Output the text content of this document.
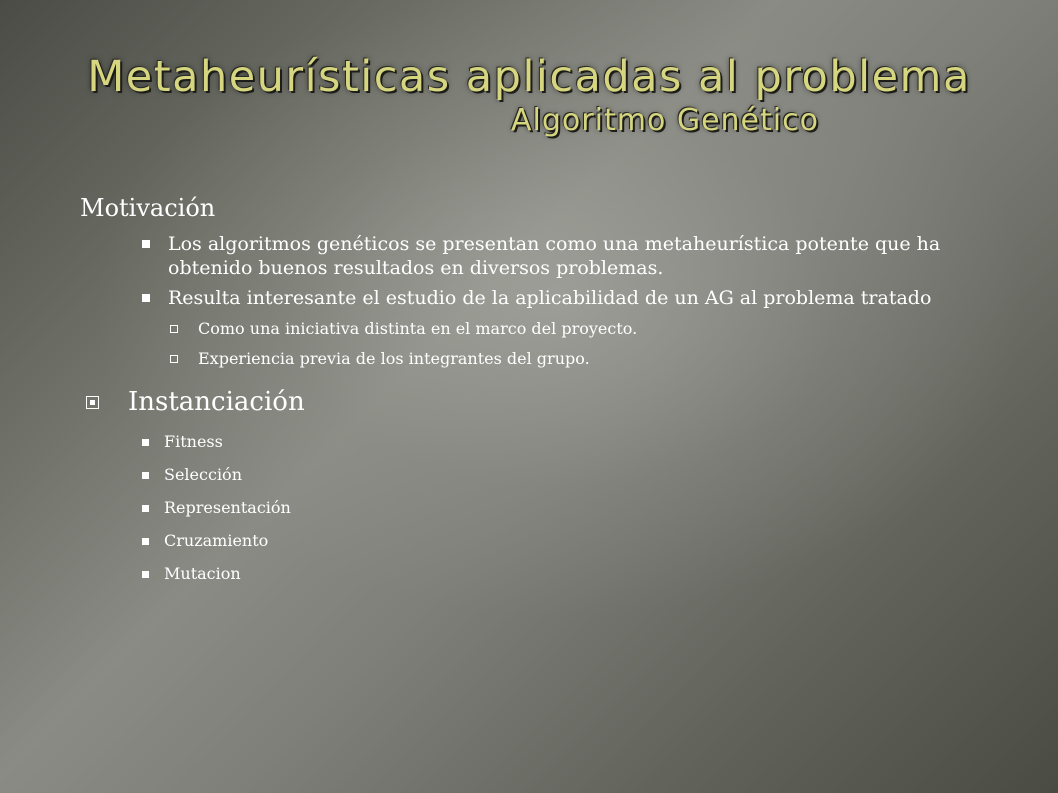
Metaheurísticas aplicadas al problema
Algoritmo Genético
Motivación
Los algoritmos genéticos se presentan como una metaheurística potente que ha obtenido buenos resultados en diversos problemas.
Resulta interesante el estudio de la aplicabilidad de un AG al problema tratado
Como una iniciativa distinta en el marco del proyecto.
Experiencia previa de los integrantes del grupo.
Instanciación
Fitness
Selección
Representación
Cruzamiento
Mutacion
